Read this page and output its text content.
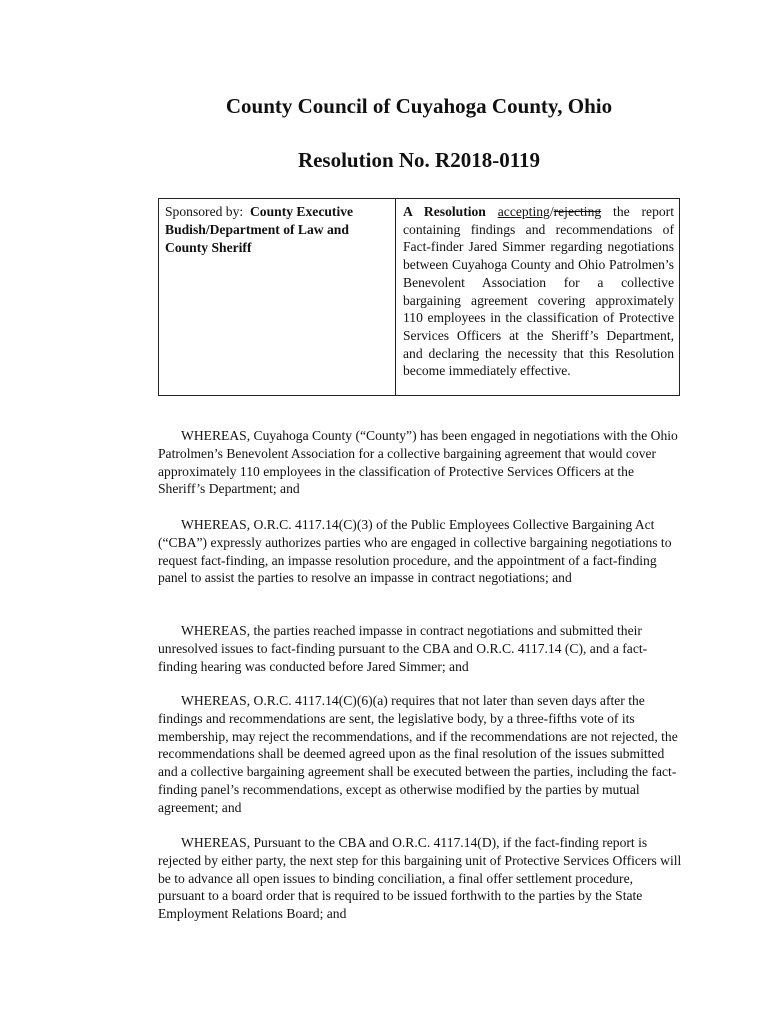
County Council of Cuyahoga County, Ohio
Resolution No. R2018-0119
Sponsored by:  County Executive Budish/Department of Law and County Sheriff
A Resolution accepting/rejecting the report containing findings and recommendations of Fact-finder Jared Simmer regarding negotiations between Cuyahoga County and Ohio Patrolmen’s Benevolent Association for a collective bargaining agreement covering approximately 110 employees in the classification of Protective Services Officers at the Sheriff’s Department, and declaring the necessity that this Resolution become immediately effective.

WHEREAS, Cuyahoga County (“County”) has been engaged in negotiations with the Ohio Patrolmen’s Benevolent Association for a collective bargaining agreement that would cover approximately 110 employees in the classification of Protective Services Officers at the Sheriff’s Department; and

WHEREAS, O.R.C. 4117.14(C)(3) of the Public Employees Collective Bargaining Act (“CBA”) expressly authorizes parties who are engaged in collective bargaining negotiations to request fact-finding, an impasse resolution procedure, and the appointment of a fact-finding panel to assist the parties to resolve an impasse in contract negotiations; and

WHEREAS, the parties reached impasse in contract negotiations and submitted their unresolved issues to fact-finding pursuant to the CBA and O.R.C. 4117.14 (C), and a fact-finding hearing was conducted before Jared Simmer; and

WHEREAS, O.R.C. 4117.14(C)(6)(a) requires that not later than seven days after the findings and recommendations are sent, the legislative body, by a three-fifths vote of its membership, may reject the recommendations, and if the recommendations are not rejected, the recommendations shall be deemed agreed upon as the final resolution of the issues submitted and a collective bargaining agreement shall be executed between the parties, including the fact-finding panel’s recommendations, except as otherwise modified by the parties by mutual agreement; and

WHEREAS, Pursuant to the CBA and O.R.C. 4117.14(D), if the fact-finding report is rejected by either party, the next step for this bargaining unit of Protective Services Officers will be to advance all open issues to binding conciliation, a final offer settlement procedure, pursuant to a board order that is required to be issued forthwith to the parties by the State Employment Relations Board; and
